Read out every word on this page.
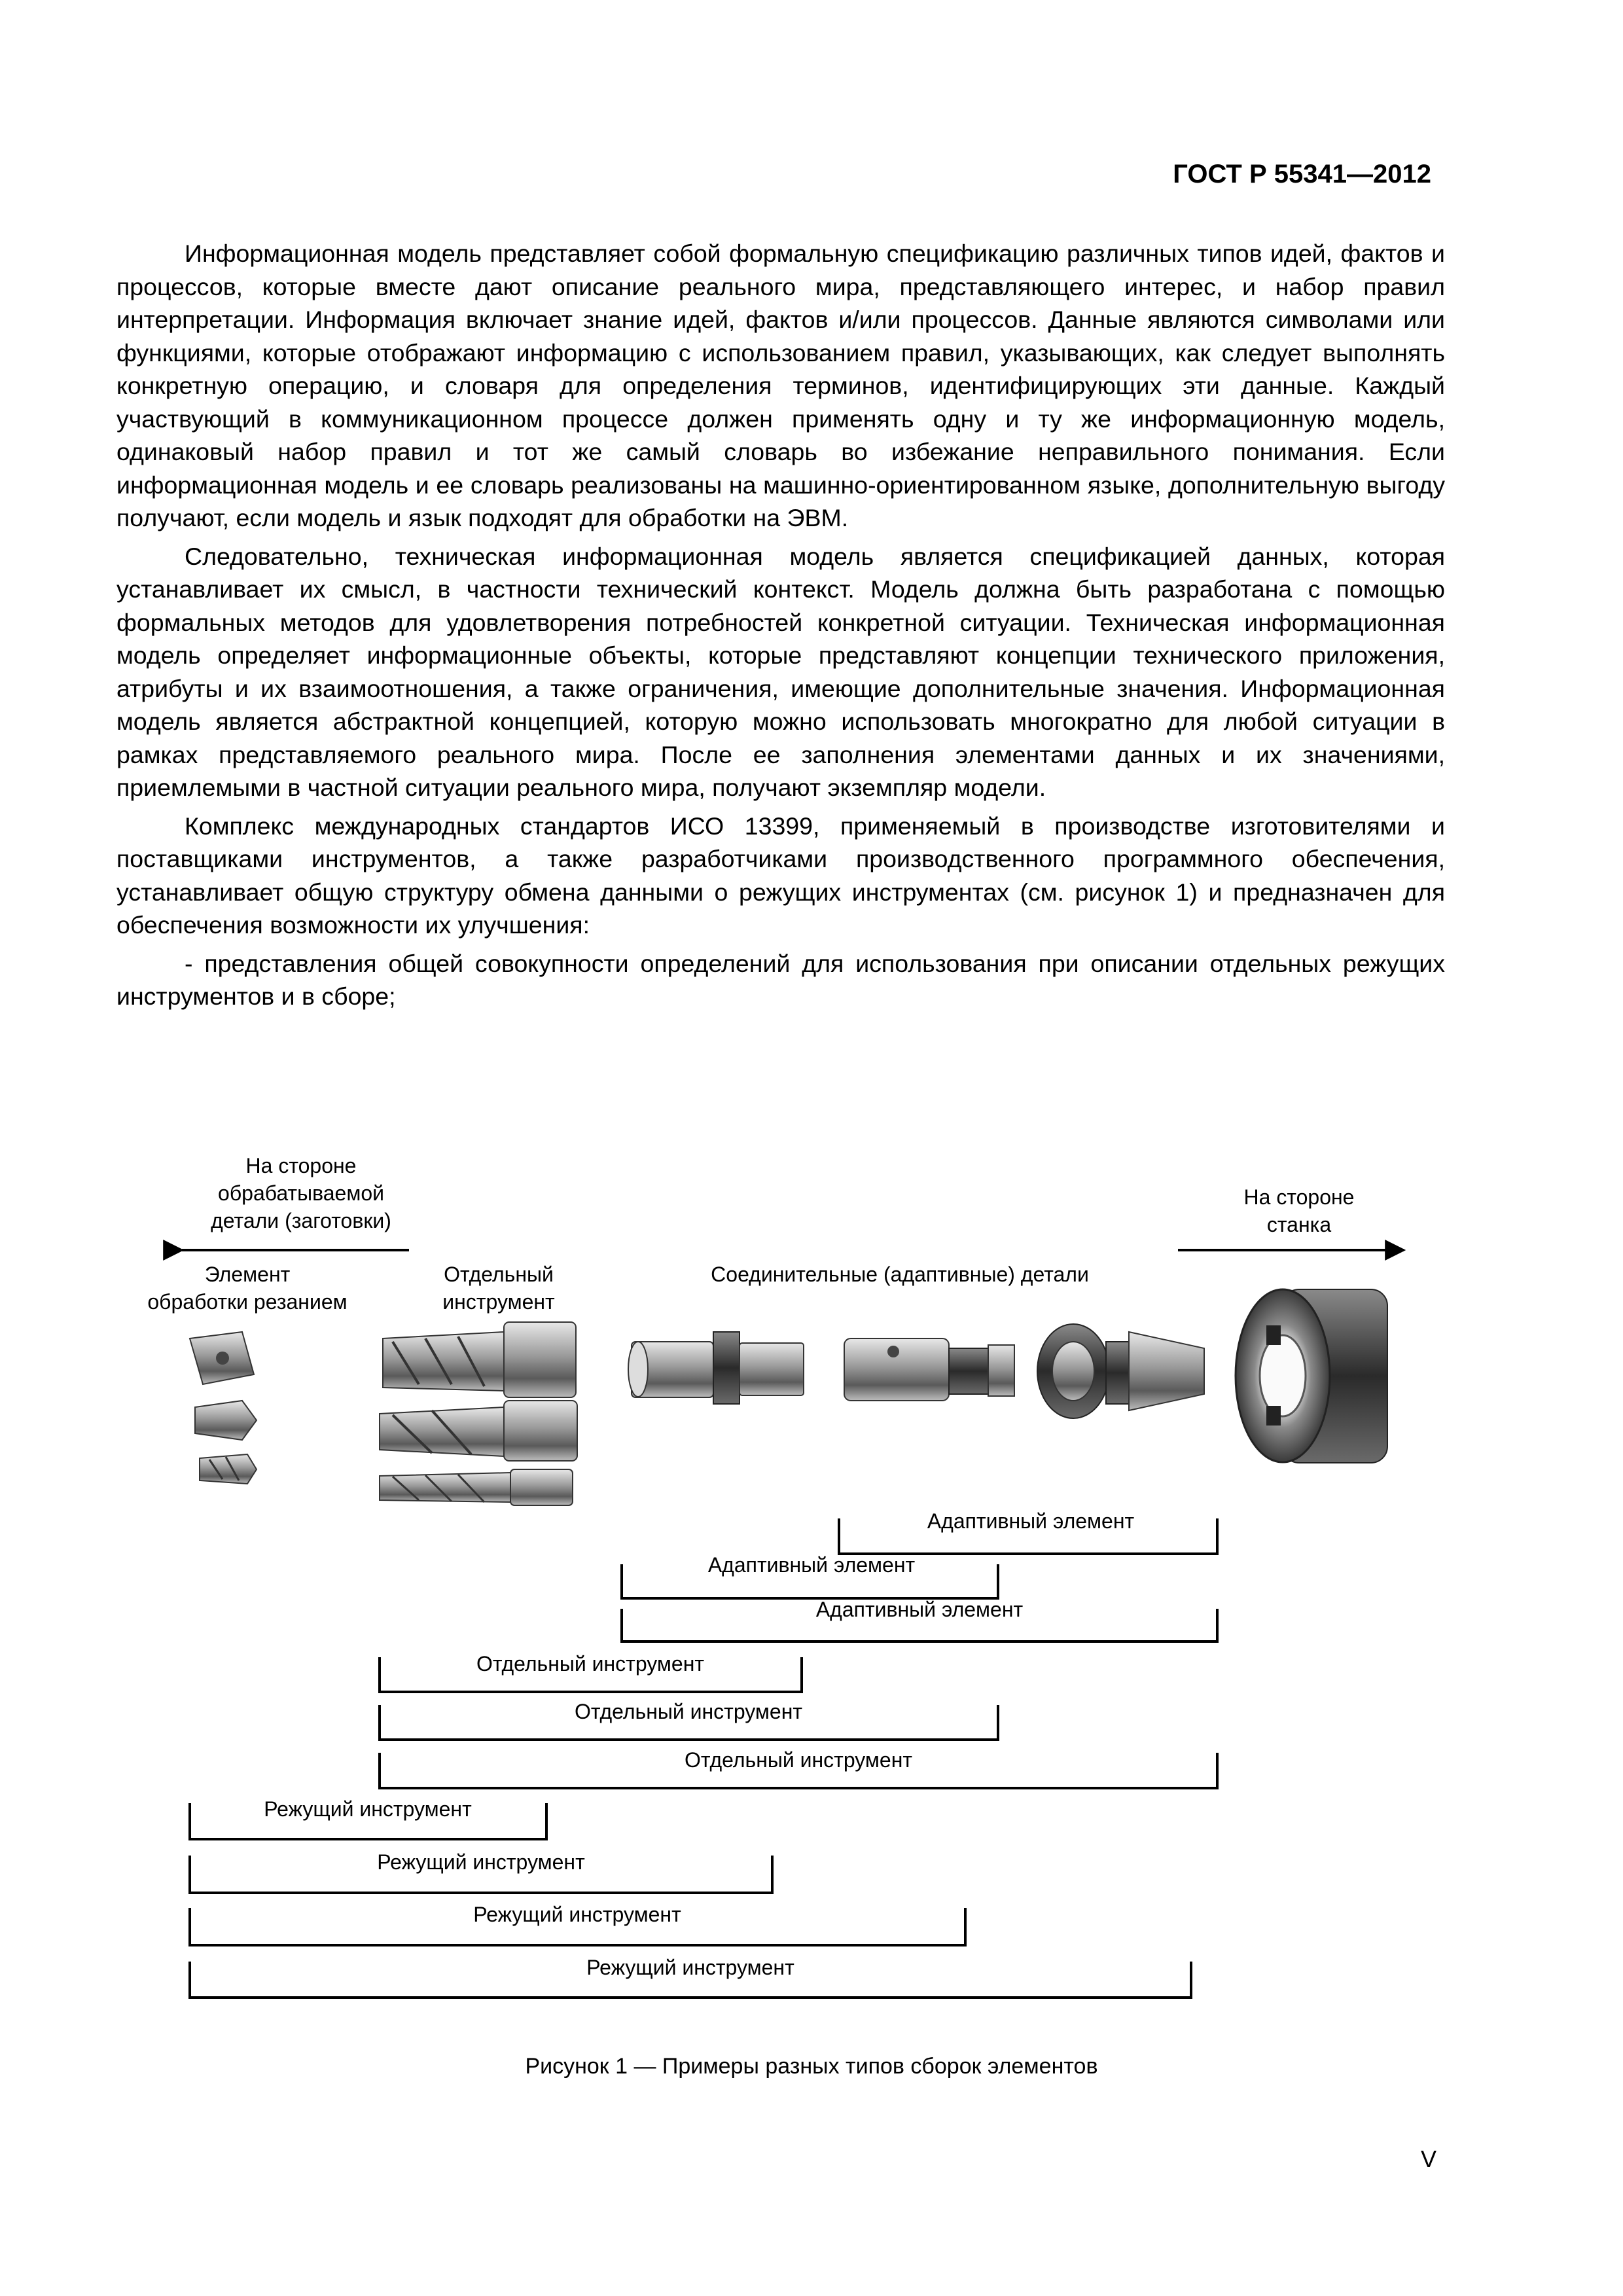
ГОСТ Р 55341—2012

Информационная модель представляет собой формальную спецификацию различных типов идей, фактов и процессов, которые вместе дают описание реального мира, представляющего интерес, и набор правил интерпретации. Информация включает знание идей, фактов и/или процессов. Данные являются символами или функциями, которые отображают информацию с использованием правил, указывающих, как следует выполнять конкретную операцию, и словаря для определения терминов, идентифицирующих эти данные. Каждый участвующий в коммуникационном процессе должен применять одну и ту же информационную модель, одинаковый набор правил и тот же самый словарь во избежание неправильного понимания. Если информационная модель и ее словарь реализованы на машинно-ориентированном языке, дополнительную выгоду получают, если модель и язык подходят для обработки на ЭВМ.

Следовательно, техническая информационная модель является спецификацией данных, которая устанавливает их смысл, в частности технический контекст. Модель должна быть разработана с помощью формальных методов для удовлетворения потребностей конкретной ситуации. Техническая информационная модель определяет информационные объекты, которые представляют концепции технического приложения, атрибуты и их взаимоотношения, а также ограничения, имеющие дополнительные значения. Информационная модель является абстрактной концепцией, которую можно использовать многократно для любой ситуации в рамках представляемого реального мира. После ее заполнения элементами данных и их значениями, приемлемыми в частной ситуации реального мира, получают экземпляр модели.

Комплекс международных стандартов ИСО 13399, применяемый в производстве изготовителями и поставщиками инструментов, а также разработчиками производственного программного обеспечения, устанавливает общую структуру обмена данными о режущих инструментах (см. рисунок 1) и предназначен для обеспечения возможности их улучшения:

- представления общей совокупности определений для использования при описании отдельных режущих инструментов и в сборе;

На стороне
обрабатываемой
детали (заготовки)
На стороне
станка
Элемент
обработки резанием
Отдельный
инструмент
Соединительные (адаптивные) детали
Адаптивный элемент
Адаптивный элемент
Адаптивный элемент
Отдельный инструмент
Отдельный инструмент
Отдельный инструмент
Режущий инструмент
Режущий инструмент
Режущий инструмент
Режущий инструмент
Рисунок 1 — Примеры разных типов сборок элементов
V
